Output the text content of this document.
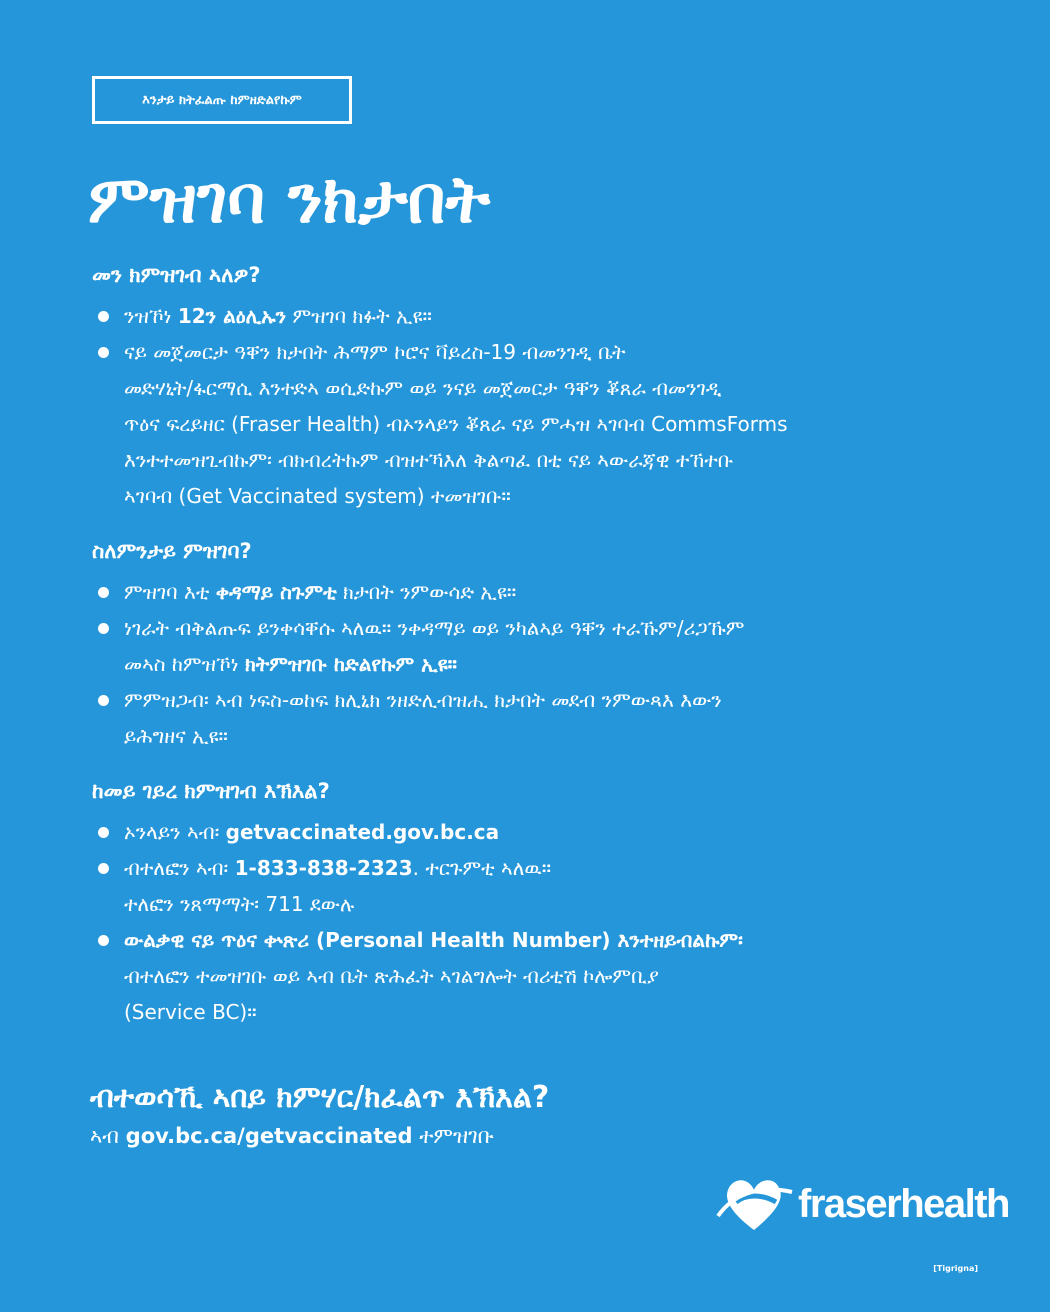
እንታይ ክትፈልጡ ከምዘድልየኩም
ምዝገባ ንክታበት
መን ክምዝገብ ኣለዎ?
ንዝኾነ 12ን ልዕሊኡን ምዝገባ ክፉት ኢዩ።
ናይ መጀመርታ ዓቐን ክታበት ሕማም ኮሮና ቫይረስ-19 ብመንገዲ ቤት
መድሃኒት/ፋርማሲ እንተድኣ ወሲድኩም ወይ ንናይ መጀመርታ ዓቐን ቖጸራ ብመንገዲ
ጥዕና ፍረይዘር (Fraser Health) ብኦንላይን ቖጸራ ናይ ምሓዝ ኣገባብ CommsForms
እንተተመዝጊብኩም፡ ብክብረትኩም ብዝተኻእለ ቅልጣፈ በቲ ናይ ኣውራጃዊ ተኸተቡ
ኣገባብ (Get Vaccinated system) ተመዝገቡ።
ስለምንታይ ምዝገባ?
ምዝገባ እቲ ቀዳማይ ስጉምቲ ክታበት ንምውሳድ ኢዩ።
ነገራት ብቅልጡፍ ይንቀሳቐሱ ኣለዉ። ንቀዳማይ ወይ ንካልኣይ ዓቐን ተራኹም/ሪጋኹም
መኣስ ከምዝኾነ ክትምዝገቡ ከድልየኩም ኢዩ።
ምምዝጋብ፡ ኣብ ነፍስ-ወከፍ ክሊኒክ ንዘድሊብዝሒ ክታበት መደብ ንምውጻእ እውን
ይሕግዘና ኢዩ።
ከመይ ገይረ ክምዝገብ እኽእል?
ኦንላይን ኣብ፡ getvaccinated.gov.bc.ca
ብተለፎን ኣብ፡ 1-833-838-2323. ተርጉምቲ ኣለዉ።
ተለፎን ንጸማማት፡ 711 ደውሉ
ውልቃዊ ናይ ጥዕና ቍጽሪ (Personal Health Number) እንተዘይብልኩም፡
ብተለፎን ተመዝገቡ ወይ ኣብ ቤት ጽሕፈት ኣገልግሎት ብሪቲሽ ኮሎምቢያ
(Service BC)።
ብተወሳኺ ኣበይ ክምሃር/ክፈልጥ እኽእል?
ኣብ gov.bc.ca/getvaccinated ተምዝገቡ
fraserhealth
[Tigrigna]
